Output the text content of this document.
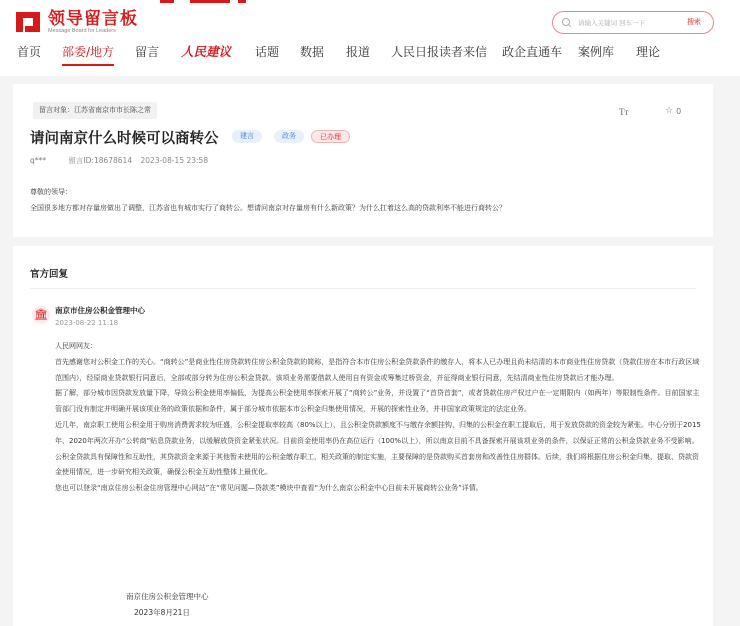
领导留言板
Message Board for Leaders
请输入关键词 回车一下
搜索
首页 部委/地方 留言 人民建议 话题 数据 报道 人民日报读者来信 政企直通车 案例库 理论
留言对象：江苏省南京市市长陈之常	Tт	☆ 0
请问南京什么时候可以商转公	建言	政务	已办理
q***	留言ID:18678614 2023-08-15 23:58
尊敬的领导：
全国很多地方都对存量房做出了调整，江苏省也有城市实行了商转公。想请问南京对存量房有什么新政策？为什么扛着这么高的贷款利率不能进行商转公？
官方回复
🏛 南京市住房公积金管理中心
2023-08-22 11:18

人民网网友：

首先感谢您对公积金工作的关心。“商转公”是商业性住房贷款转住房公积金贷款的简称，是指符合本市住房公积金贷款条件的缴存人，将本人已办理且尚未结清的本市商业性住房贷款（贷款住房在本市行政区域范围内），经原商业贷款银行同意后，全部或部分转为住房公积金贷款。该项业务需要借款人使用自有资金或筹集过桥资金，并征得商业银行同意，先结清商业性住房贷款后才能办理。

据了解，部分城市因贷款发放量下降，导致公积金使用率偏低，为提高公积金使用率探索开展了“商转公”业务，并设置了“首贷首套”，或者贷款住房产权过户在一定期限内（如两年）等限制性条件。目前国家主管部门没有制定并明确开展该项业务的政策依据和条件，属于部分城市依据本市公积金归集使用情况，开展的探索性业务，并非国家政策规定的法定业务。

近几年，南京职工使用公积金用于购房消费需求较为旺盛，公积金提取率较高（80%以上），且公积金贷款额度不与缴存余额挂钩，归集的公积金在职工提取后，用于发放贷款的资金较为紧张。中心分别于2015年、2020年两次开办“公转商”贴息贷款业务，以缓解放贷资金紧张状况。目前资金使用率仍在高位运行（100%以上），所以南京目前不具备探索开展该项业务的条件，以保证正常的公积金贷款业务不受影响。

公积金贷款具有保障性和互助性，其贷款资金来源于其他暂未使用的公积金缴存职工，相关政策的制定实施，主要保障的是贷款购买首套房和改善性住房群体。后续，我们将根据住房公积金归集、提取、贷款资金使用情况，进一步研究相关政策，确保公积金互助性整体上最优化。

您也可以登录“南京住房公积金住房管理中心网站”在“常见问题—贷款类”模块中查看“为什么南京公积金中心目前未开展商转公业务”详情。

南京住房公积金管理中心
2023年8月21日
